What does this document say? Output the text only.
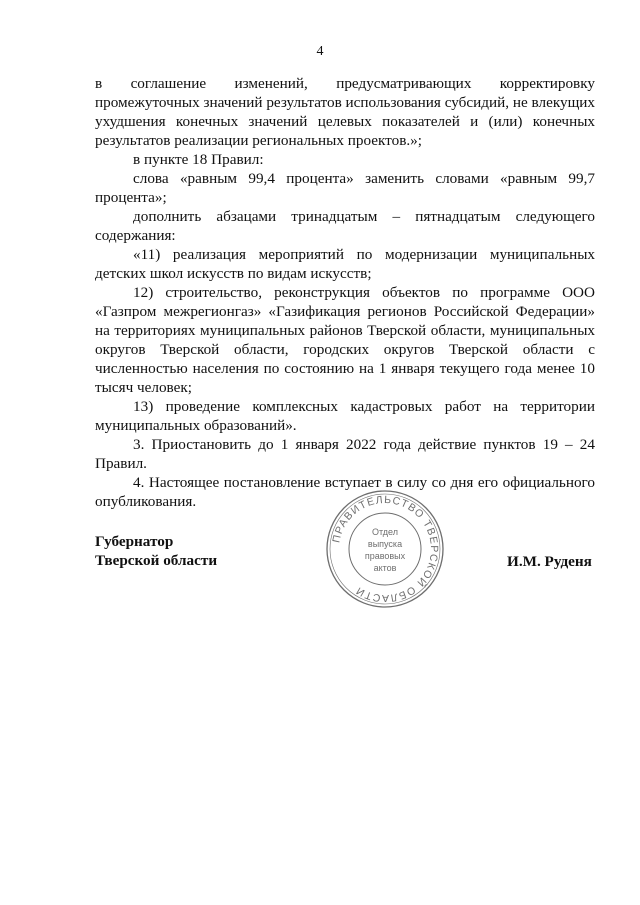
4

в соглашение изменений, предусматривающих корректировку промежуточных значений результатов использования субсидий, не влекущих ухудшения конечных значений целевых показателей и (или) конечных результатов реализации региональных проектов.»;

в пункте 18 Правил:

слова «равным 99,4 процента» заменить словами «равным 99,7 процента»;

дополнить абзацами тринадцатым – пятнадцатым следующего содержания:

«11) реализация мероприятий по модернизации муниципальных детских школ искусств по видам искусств;

12) строительство, реконструкция объектов по программе ООО «Газпром межрегионгаз» «Газификация регионов Российской Федерации» на территориях муниципальных районов Тверской области, муниципальных округов Тверской области, городских округов Тверской области с численностью населения по состоянию на 1 января текущего года менее 10 тысяч человек;

13) проведение комплексных кадастровых работ на территории муниципальных образований».

3. Приостановить до 1 января 2022 года действие пунктов 19 – 24 Правил.

4. Настоящее постановление вступает в силу со дня его официального опубликования.

Губернатор
Тверской области
ПРАВИТЕЛЬСТВО ТВЕРСКОЙ ОБЛАСТИ
Отдел
выпуска
правовых
актов	И.М. Руденя
